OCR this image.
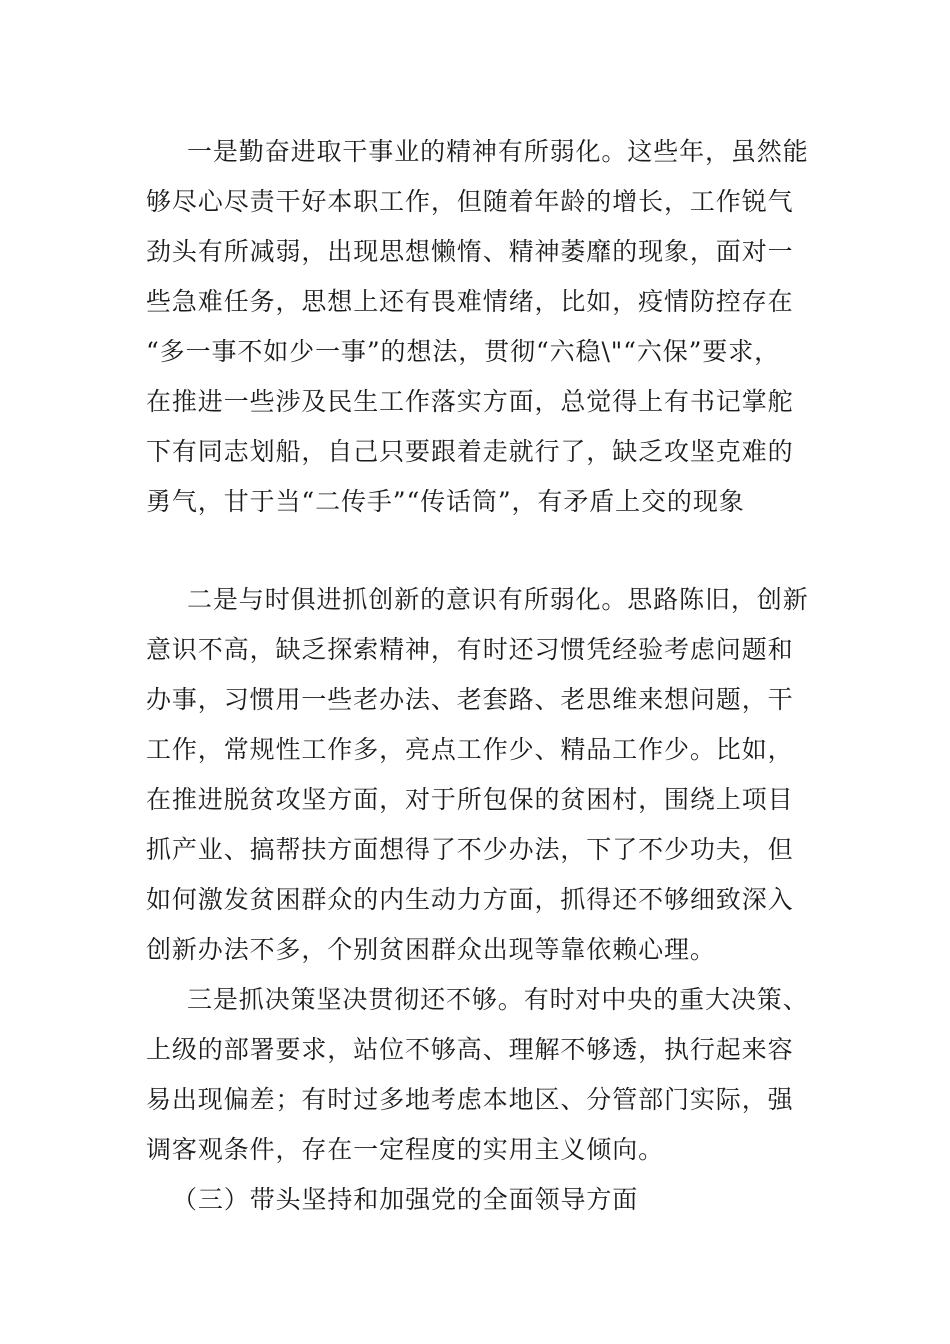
一是勤奋进取干事业的精神有所弱化。这些年，虽然能
够尽心尽责干好本职工作，但随着年龄的增长，工作锐气
劲头有所减弱，出现思想懒惰、精神萎靡的现象，面对一
些急难任务，思想上还有畏难情绪，比如，疫情防控存在
“多一事不如少一事”的想法，贯彻“六稳\"“六保”要求，
在推进一些涉及民生工作落实方面，总觉得上有书记掌舵
下有同志划船，自己只要跟着走就行了，缺乏攻坚克难的
勇气，甘于当“二传手”“传话筒”，有矛盾上交的现象
二是与时俱进抓创新的意识有所弱化。思路陈旧，创新
意识不高，缺乏探索精神，有时还习惯凭经验考虑问题和
办事，习惯用一些老办法、老套路、老思维来想问题，干
工作，常规性工作多，亮点工作少、精品工作少。比如，
在推进脱贫攻坚方面，对于所包保的贫困村，围绕上项目
抓产业、搞帮扶方面想得了不少办法，下了不少功夫，但
如何激发贫困群众的内生动力方面，抓得还不够细致深入
创新办法不多，个别贫困群众出现等靠依赖心理。
三是抓决策坚决贯彻还不够。有时对中央的重大决策、
上级的部署要求，站位不够高、理解不够透，执行起来容
易出现偏差；有时过多地考虑本地区、分管部门实际，强
调客观条件，存在一定程度的实用主义倾向。
（三）带头坚持和加强党的全面领导方面
